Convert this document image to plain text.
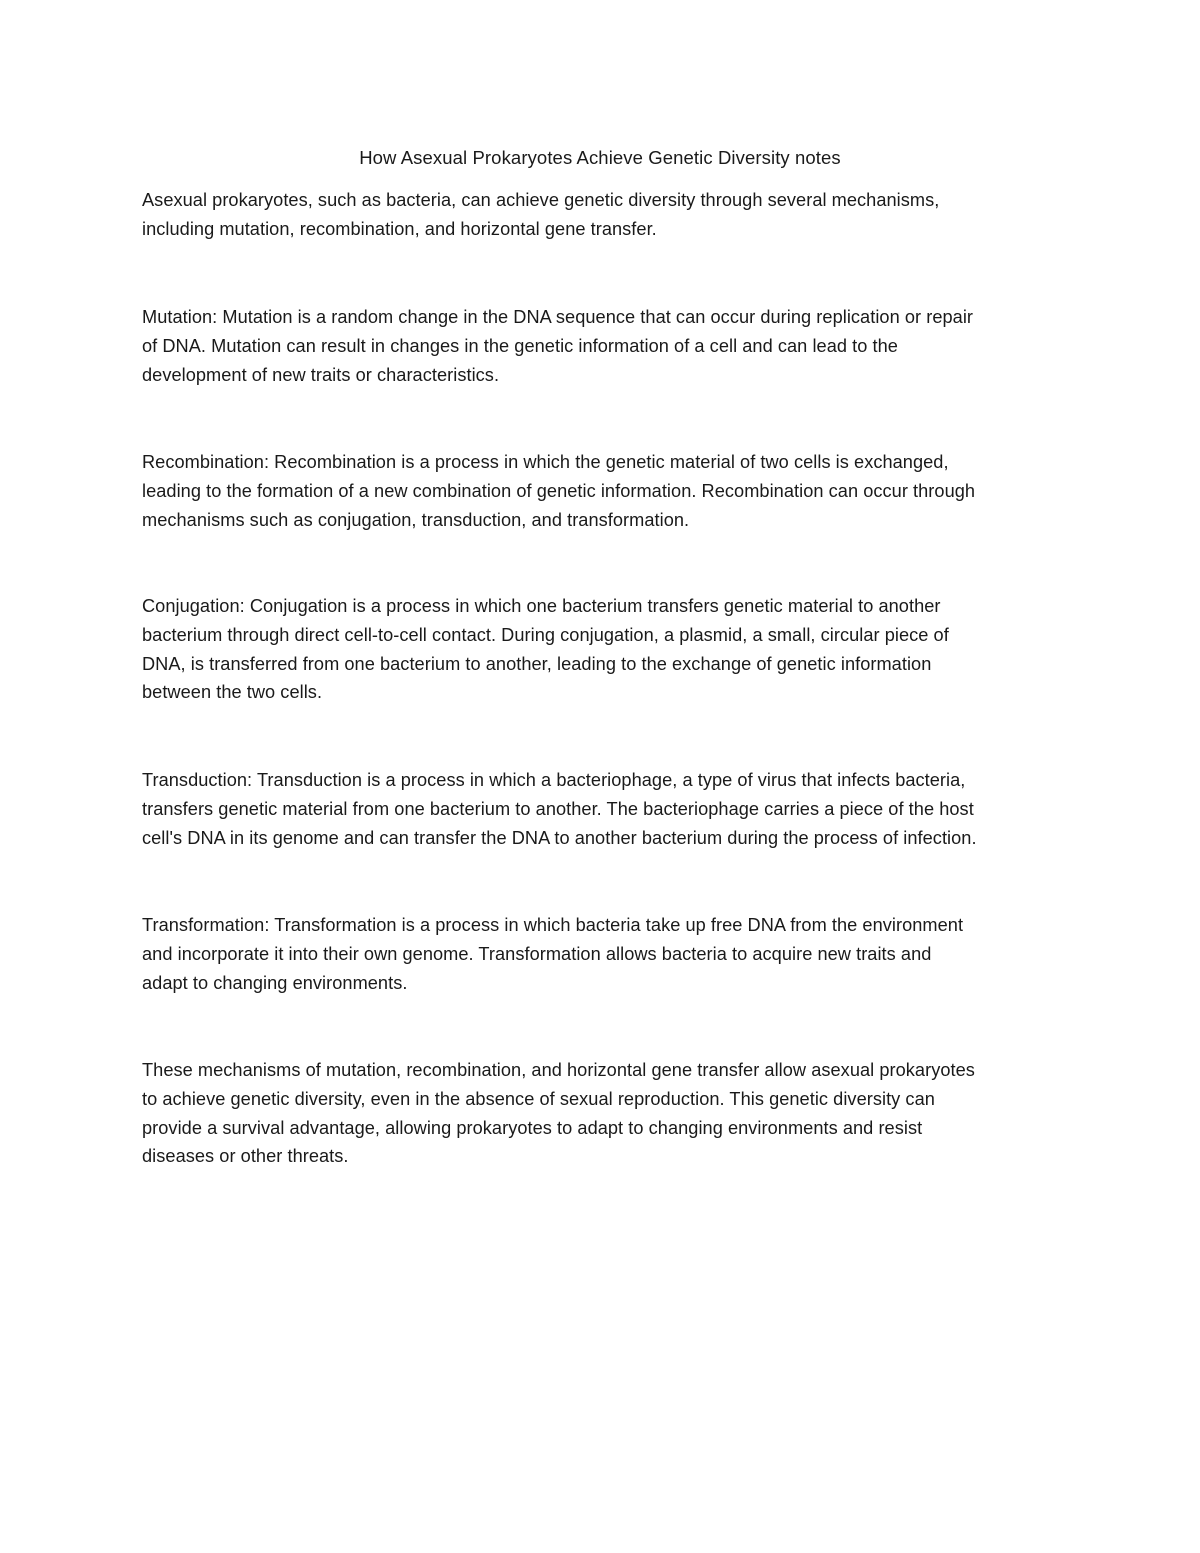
How Asexual Prokaryotes Achieve Genetic Diversity notes

Asexual prokaryotes, such as bacteria, can achieve genetic diversity through several mechanisms,
including mutation, recombination, and horizontal gene transfer.

Mutation: Mutation is a random change in the DNA sequence that can occur during replication or repair
of DNA. Mutation can result in changes in the genetic information of a cell and can lead to the
development of new traits or characteristics.

Recombination: Recombination is a process in which the genetic material of two cells is exchanged,
leading to the formation of a new combination of genetic information. Recombination can occur through
mechanisms such as conjugation, transduction, and transformation.

Conjugation: Conjugation is a process in which one bacterium transfers genetic material to another
bacterium through direct cell-to-cell contact. During conjugation, a plasmid, a small, circular piece of
DNA, is transferred from one bacterium to another, leading to the exchange of genetic information
between the two cells.

Transduction: Transduction is a process in which a bacteriophage, a type of virus that infects bacteria,
transfers genetic material from one bacterium to another. The bacteriophage carries a piece of the host
cell's DNA in its genome and can transfer the DNA to another bacterium during the process of infection.

Transformation: Transformation is a process in which bacteria take up free DNA from the environment
and incorporate it into their own genome. Transformation allows bacteria to acquire new traits and
adapt to changing environments.

These mechanisms of mutation, recombination, and horizontal gene transfer allow asexual prokaryotes
to achieve genetic diversity, even in the absence of sexual reproduction. This genetic diversity can
provide a survival advantage, allowing prokaryotes to adapt to changing environments and resist
diseases or other threats.
